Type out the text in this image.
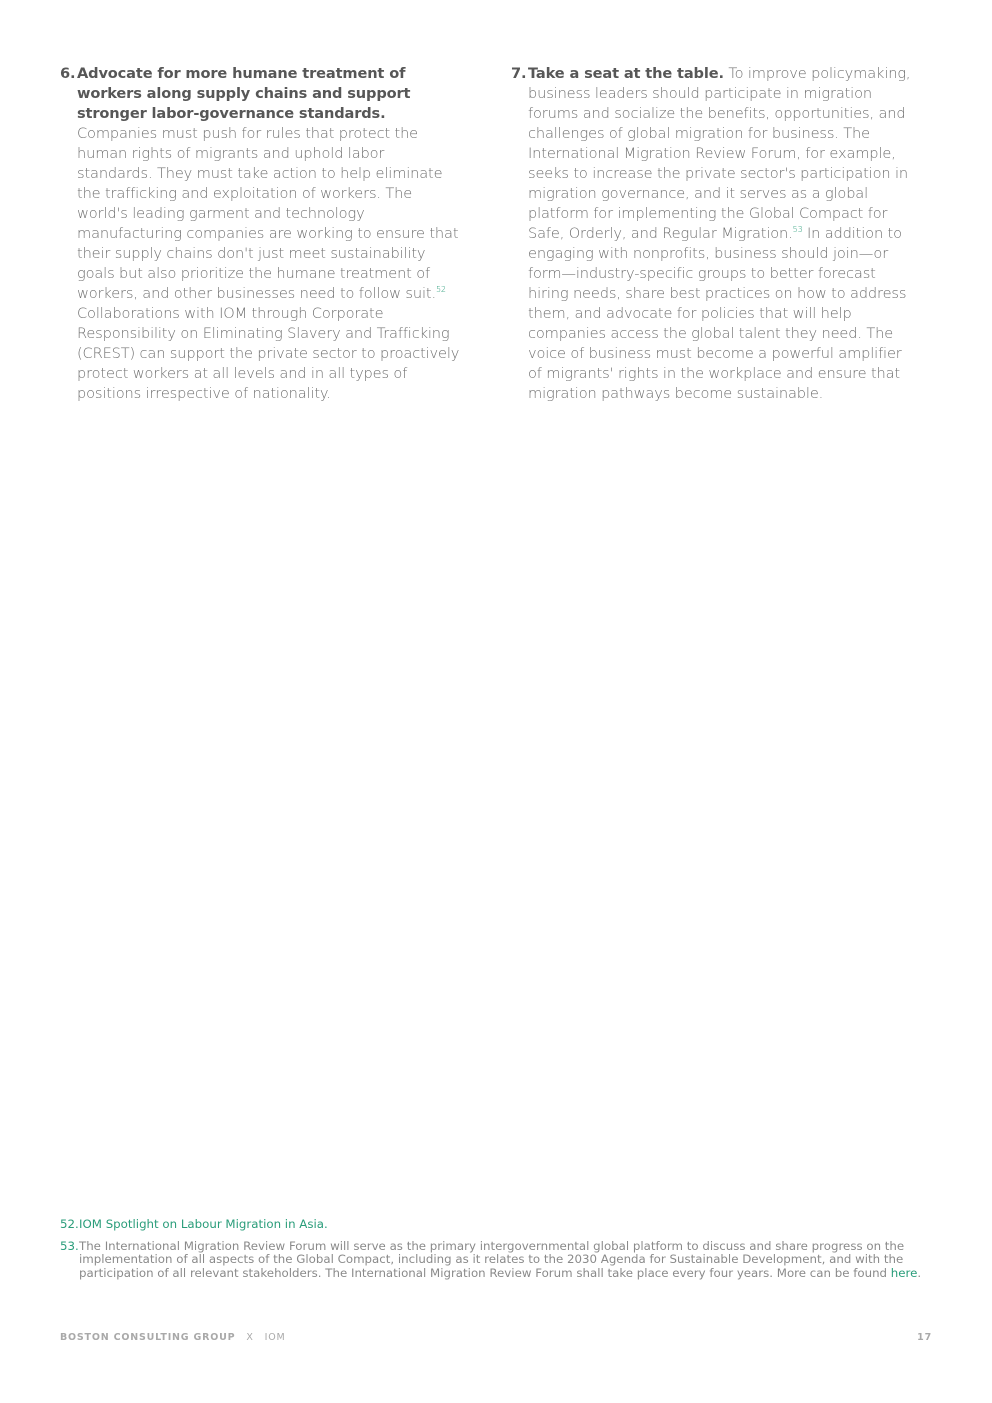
6. Advocate for more humane treatment of workers along supply chains and support stronger labor-governance standards. Companies must push for rules that protect the human rights of migrants and uphold labor standards. They must take action to help eliminate the trafficking and exploitation of workers. The world's leading garment and technology manufacturing companies are working to ensure that their supply chains don't just meet sustainability goals but also prioritize the humane treatment of workers, and other businesses need to follow suit.$^{52}$ Collaborations with IOM through Corporate Responsibility on Eliminating Slavery and Trafficking (CREST) can support the private sector to proactively protect workers at all levels and in all types of positions irrespective of nationality.
7. Take a seat at the table. To improve policymaking, business leaders should participate in migration forums and socialize the benefits, opportunities, and challenges of global migration for business. The International Migration Review Forum, for example, seeks to increase the private sector's participation in migration governance, and it serves as a global platform for implementing the Global Compact for Safe, Orderly, and Regular Migration.$^{53}$ In addition to engaging with nonprofits, business should join—or form—industry-specific groups to better forecast hiring needs, share best practices on how to address them, and advocate for policies that will help companies access the global talent they need. The voice of business must become a powerful amplifier of migrants' rights in the workplace and ensure that migration pathways become sustainable.
52. IOM Spotlight on Labour Migration in Asia.
53. The International Migration Review Forum will serve as the primary intergovernmental global platform to discuss and share progress on the implementation of all aspects of the Global Compact, including as it relates to the 2030 Agenda for Sustainable Development, and with the participation of all relevant stakeholders. The International Migration Review Forum shall take place every four years. More can be found here.
BOSTON CONSULTING GROUP X IOM	17
